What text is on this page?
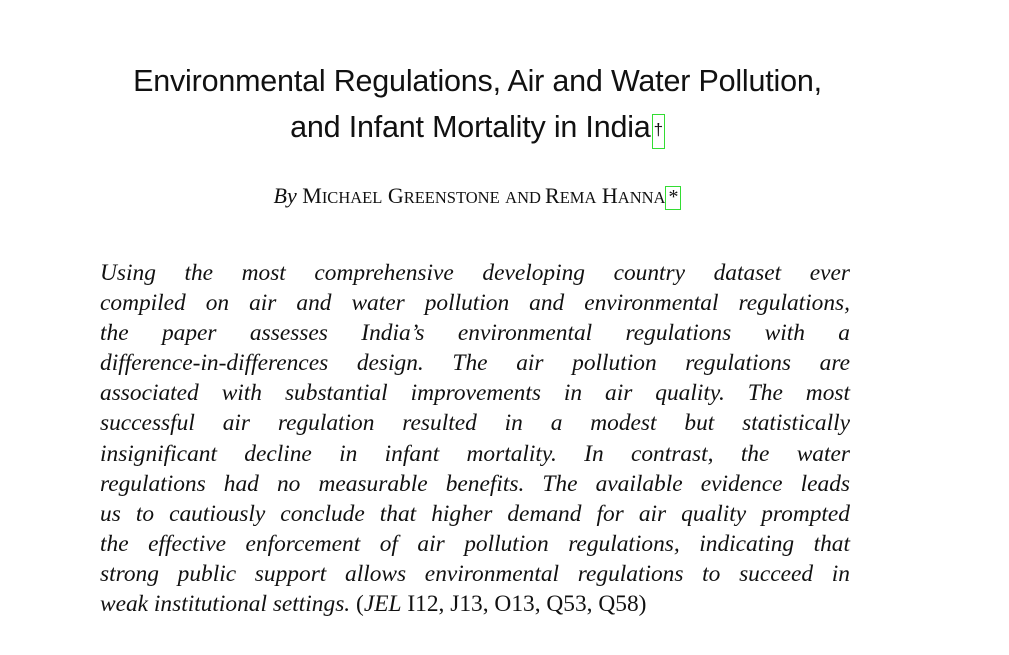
Environmental Regulations, Air and Water Pollution,
and Infant Mortality in India †
By MICHAEL GREENSTONE AND REMA HANNA *
Using the most comprehensive developing country dataset ever
compiled on air and water pollution and environmental regulations,
the paper assesses India’s environmental regulations with a
difference-in-differences design. The air pollution regulations are
associated with substantial improvements in air quality. The most
successful air regulation resulted in a modest but statistically
insignificant decline in infant mortality. In contrast, the water
regulations had no measurable benefits. The available evidence leads
us to cautiously conclude that higher demand for air quality prompted
the effective enforcement of air pollution regulations, indicating that
strong public support allows environmental regulations to succeed in
weak institutional settings. (JEL I12, J13, O13, Q53, Q58)
